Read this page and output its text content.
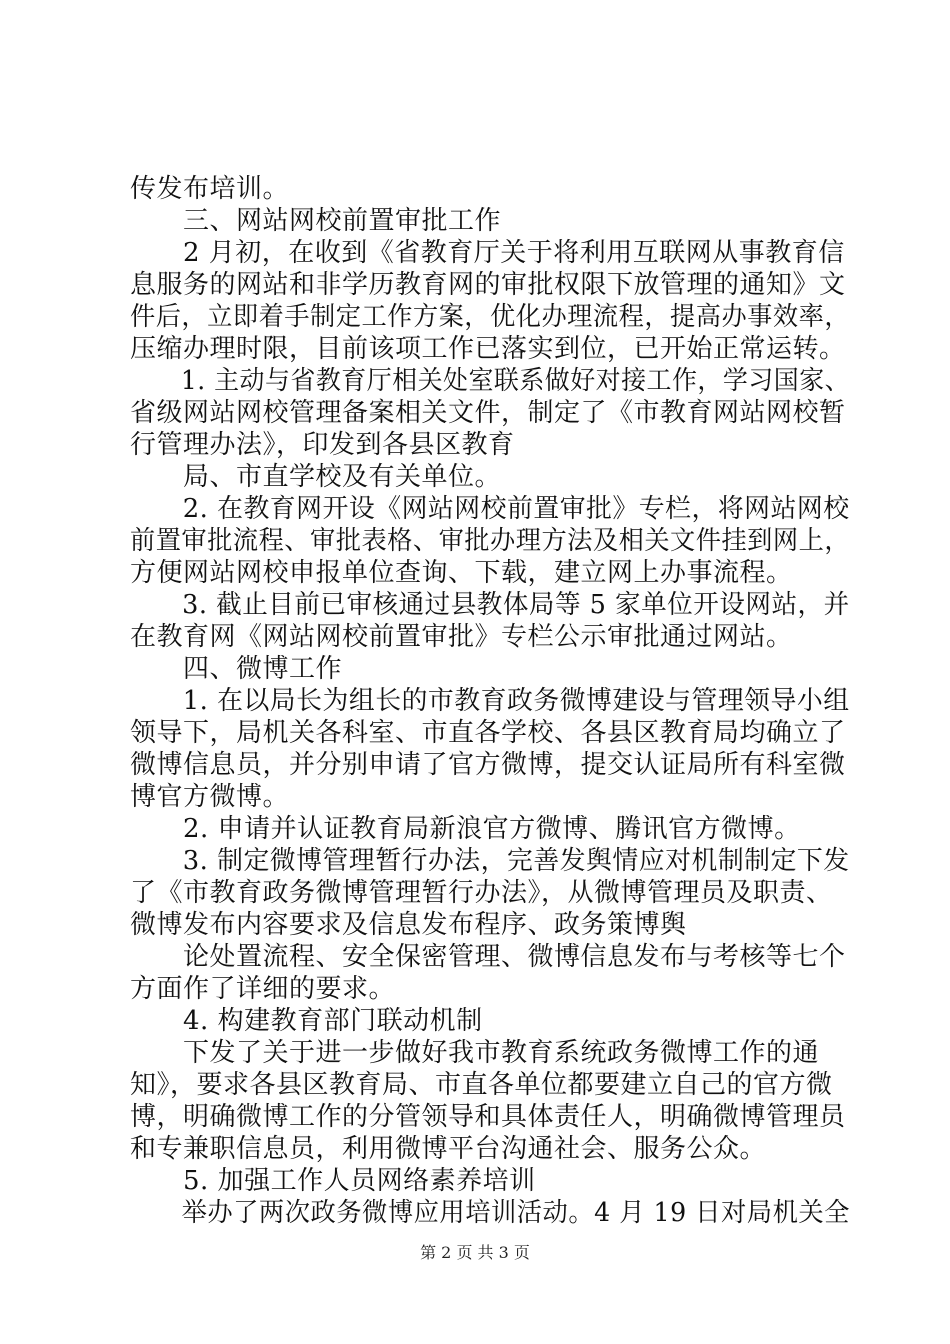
传发布培训。
　　三、网站网校前置审批工作
　　2 月初，在收到《省教育厅关于将利用互联网从事教育信
息服务的网站和非学历教育网的审批权限下放管理的通知》文
件后，立即着手制定工作方案，优化办理流程，提高办事效率，
压缩办理时限，目前该项工作已落实到位，已开始正常运转。
　　1. 主动与省教育厅相关处室联系做好对接工作，学习国家、
省级网站网校管理备案相关文件，制定了《市教育网站网校暂
行管理办法》，印发到各县区教育
　　局、市直学校及有关单位。
　　2. 在教育网开设《网站网校前置审批》专栏，将网站网校
前置审批流程、审批表格、审批办理方法及相关文件挂到网上，
方便网站网校申报单位查询、下载，建立网上办事流程。
　　3. 截止目前已审核通过县教体局等 5 家单位开设网站，并
在教育网《网站网校前置审批》专栏公示审批通过网站。
　　四、微博工作
　　1. 在以局长为组长的市教育政务微博建设与管理领导小组
领导下，局机关各科室、市直各学校、各县区教育局均确立了
微博信息员，并分别申请了官方微博，提交认证局所有科室微
博官方微博。
　　2. 申请并认证教育局新浪官方微博、腾讯官方微博。
　　3. 制定微博管理暂行办法，完善发舆情应对机制制定下发
了《市教育政务微博管理暂行办法》，从微博管理员及职责、
微博发布内容要求及信息发布程序、政务策博舆
　　论处置流程、安全保密管理、微博信息发布与考核等七个
方面作了详细的要求。
　　4. 构建教育部门联动机制
　　下发了关于进一步做好我市教育系统政务微博工作的通
知》，要求各县区教育局、市直各单位都要建立自己的官方微
博，明确微博工作的分管领导和具体责任人，明确微博管理员
和专兼职信息员，利用微博平台沟通社会、服务公众。
　　5. 加强工作人员网络素养培训
　　举办了两次政务微博应用培训活动。4 月 19 日对局机关全
第 2 页 共 3 页
